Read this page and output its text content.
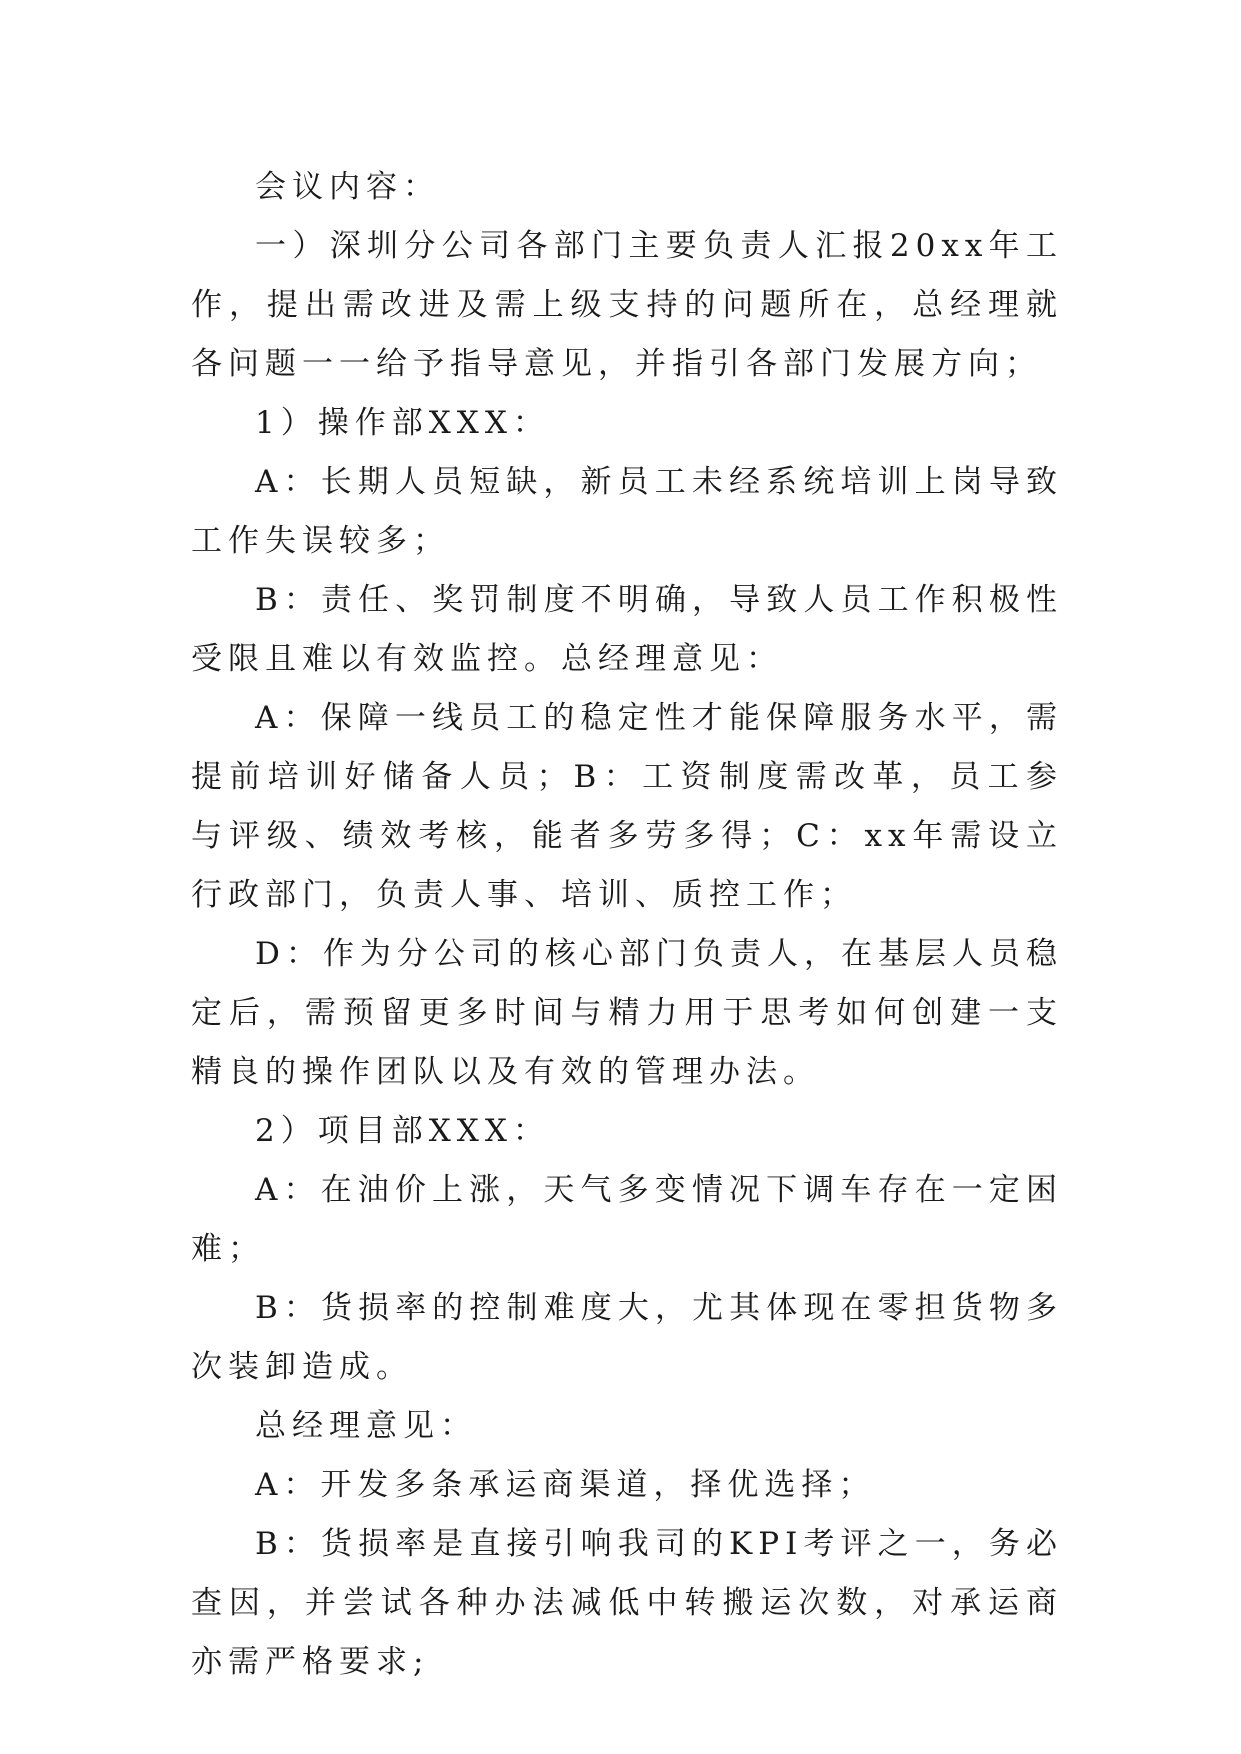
会议内容：

一）深圳分公司各部门主要负责人汇报20xx年工作，提出需改进及需上级支持的问题所在，总经理就各问题一一给予指导意见，并指引各部门发展方向；

1）操作部XXX：

A：长期人员短缺，新员工未经系统培训上岗导致工作失误较多；

B：责任、奖罚制度不明确，导致人员工作积极性受限且难以有效监控。总经理意见：

A：保障一线员工的稳定性才能保障服务水平，需提前培训好储备人员；B：工资制度需改革，员工参与评级、绩效考核，能者多劳多得；C：xx年需设立行政部门，负责人事、培训、质控工作；

D：作为分公司的核心部门负责人，在基层人员稳定后，需预留更多时间与精力用于思考如何创建一支精良的操作团队以及有效的管理办法。

2）项目部XXX：

A：在油价上涨，天气多变情况下调车存在一定困难；

B：货损率的控制难度大，尤其体现在零担货物多次装卸造成。

总经理意见：

A：开发多条承运商渠道，择优选择；

B：货损率是直接引响我司的KPI考评之一，务必查因，并尝试各种办法减低中转搬运次数，对承运商亦需严格要求;
